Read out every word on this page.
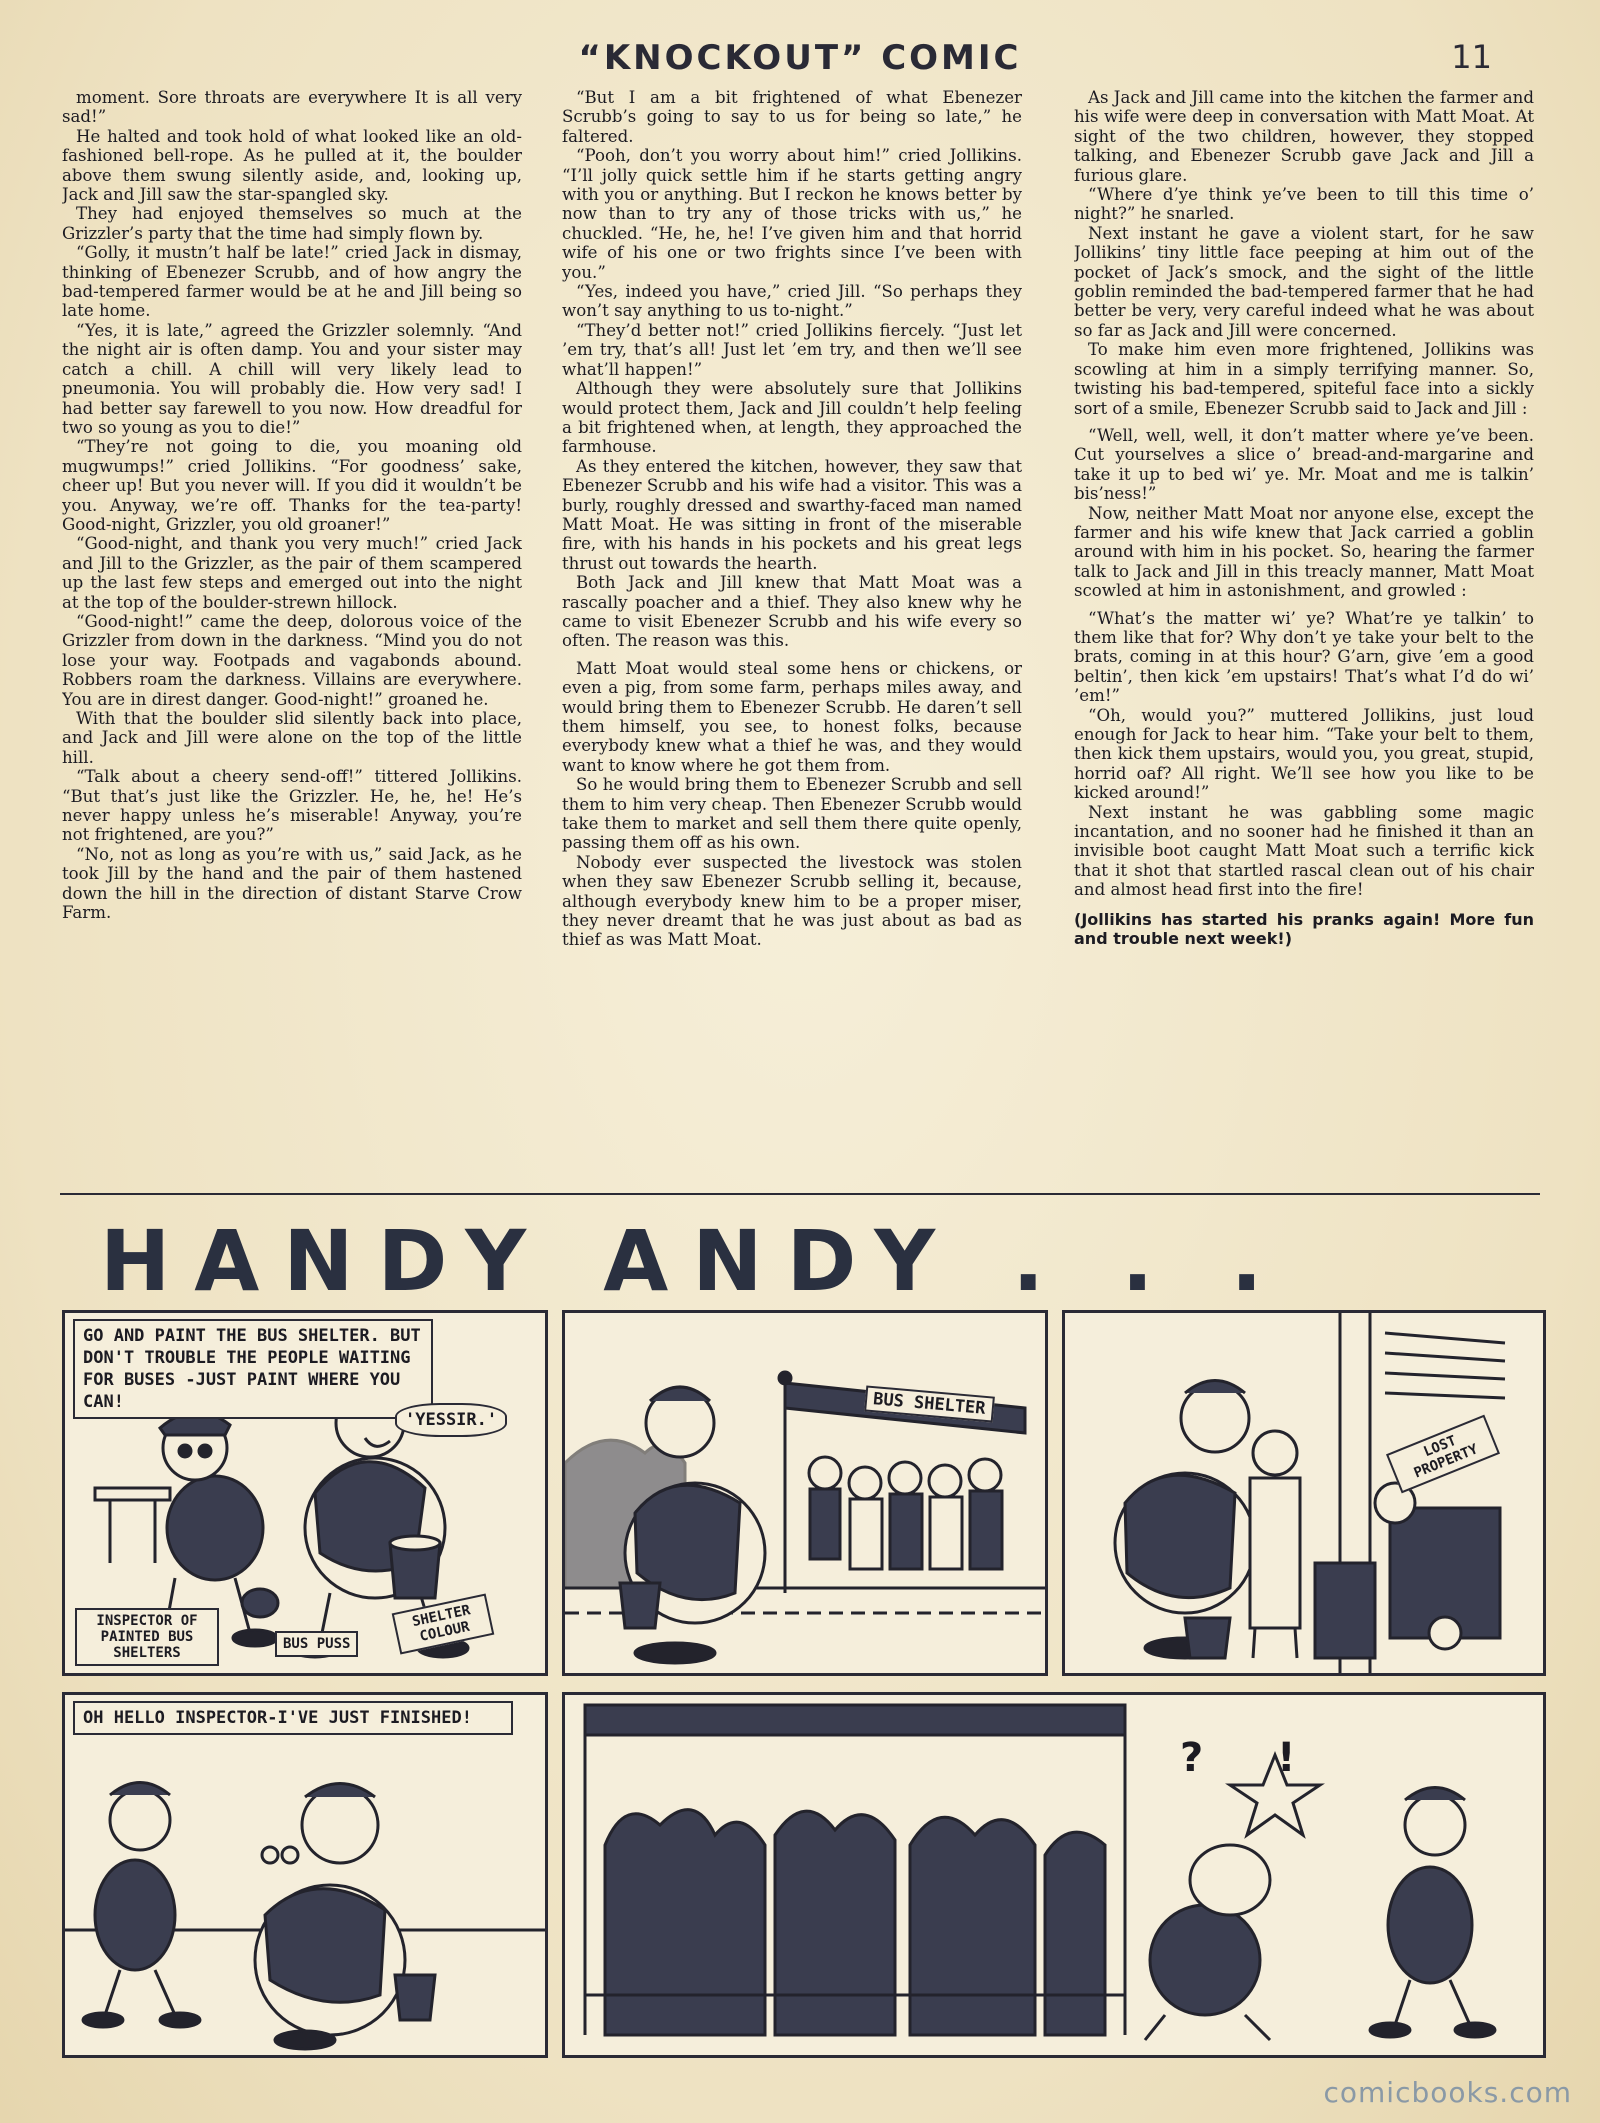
“KNOCKOUT” COMIC	11

moment. Sore throats are everywhere It is all very sad!”

He halted and took hold of what looked like an old-fashioned bell-rope. As he pulled at it, the boulder above them swung silently aside, and, looking up, Jack and Jill saw the star-spangled sky.

They had enjoyed themselves so much at the Grizzler’s party that the time had simply flown by.

“Golly, it mustn’t half be late!” cried Jack in dismay, thinking of Ebenezer Scrubb, and of how angry the bad-tempered farmer would be at he and Jill being so late home.

“Yes, it is late,” agreed the Grizzler solemnly. “And the night air is often damp. You and your sister may catch a chill. A chill will very likely lead to pneumonia. You will probably die. How very sad! I had better say farewell to you now. How dreadful for two so young as you to die!”

“They’re not going to die, you moaning old mugwumps!” cried Jollikins. “For goodness’ sake, cheer up! But you never will. If you did it wouldn’t be you. Anyway, we’re off. Thanks for the tea-party! Good-night, Grizzler, you old groaner!”

“Good-night, and thank you very much!” cried Jack and Jill to the Grizzler, as the pair of them scampered up the last few steps and emerged out into the night at the top of the boulder-strewn hillock.

“Good-night!” came the deep, dolorous voice of the Grizzler from down in the darkness. “Mind you do not lose your way. Footpads and vagabonds abound. Robbers roam the darkness. Villains are everywhere. You are in direst danger. Good-night!” groaned he.

With that the boulder slid silently back into place, and Jack and Jill were alone on the top of the little hill.

“Talk about a cheery send-off!” tittered Jollikins. “But that’s just like the Grizzler. He, he, he! He’s never happy unless he’s miserable! Anyway, you’re not frightened, are you?”

“No, not as long as you’re with us,” said Jack, as he took Jill by the hand and the pair of them hastened down the hill in the direction of distant Starve Crow Farm.

“But I am a bit frightened of what Ebenezer Scrubb’s going to say to us for being so late,” he faltered.

“Pooh, don’t you worry about him!” cried Jollikins. “I’ll jolly quick settle him if he starts getting angry with you or anything. But I reckon he knows better by now than to try any of those tricks with us,” he chuckled. “He, he, he! I’ve given him and that horrid wife of his one or two frights since I’ve been with you.”

“Yes, indeed you have,” cried Jill. “So perhaps they won’t say anything to us to-night.”

“They’d better not!” cried Jollikins fiercely. “Just let ’em try, that’s all! Just let ’em try, and then we’ll see what’ll happen!”

Although they were absolutely sure that Jollikins would protect them, Jack and Jill couldn’t help feeling a bit frightened when, at length, they approached the farmhouse.

As they entered the kitchen, however, they saw that Ebenezer Scrubb and his wife had a visitor. This was a burly, roughly dressed and swarthy-faced man named Matt Moat. He was sitting in front of the miserable fire, with his hands in his pockets and his great legs thrust out towards the hearth.

Both Jack and Jill knew that Matt Moat was a rascally poacher and a thief. They also knew why he came to visit Ebenezer Scrubb and his wife every so often. The reason was this.

Matt Moat would steal some hens or chickens, or even a pig, from some farm, perhaps miles away, and would bring them to Ebenezer Scrubb. He daren’t sell them himself, you see, to honest folks, because everybody knew what a thief he was, and they would want to know where he got them from.

So he would bring them to Ebenezer Scrubb and sell them to him very cheap. Then Ebenezer Scrubb would take them to market and sell them there quite openly, passing them off as his own.

Nobody ever suspected the livestock was stolen when they saw Ebenezer Scrubb selling it, because, although everybody knew him to be a proper miser, they never dreamt that he was just about as bad as thief as was Matt Moat.

As Jack and Jill came into the kitchen the farmer and his wife were deep in conversation with Matt Moat. At sight of the two children, however, they stopped talking, and Ebenezer Scrubb gave Jack and Jill a furious glare.

“Where d’ye think ye’ve been to till this time o’ night?” he snarled.

Next instant he gave a violent start, for he saw Jollikins’ tiny little face peeping at him out of the pocket of Jack’s smock, and the sight of the little goblin reminded the bad-tempered farmer that he had better be very, very careful indeed what he was about so far as Jack and Jill were concerned.

To make him even more frightened, Jollikins was scowling at him in a simply terrifying manner. So, twisting his bad-tempered, spiteful face into a sickly sort of a smile, Ebenezer Scrubb said to Jack and Jill :

“Well, well, well, it don’t matter where ye’ve been. Cut yourselves a slice o’ bread-and-margarine and take it up to bed wi’ ye. Mr. Moat and me is talkin’ bis’ness!”

Now, neither Matt Moat nor anyone else, except the farmer and his wife knew that Jack carried a goblin around with him in his pocket. So, hearing the farmer talk to Jack and Jill in this treacly manner, Matt Moat scowled at him in astonishment, and growled :

“What’s the matter wi’ ye? What’re ye talkin’ to them like that for? Why don’t ye take your belt to the brats, coming in at this hour? G’arn, give ’em a good beltin’, then kick ’em upstairs! That’s what I’d do wi’ ’em!”

“Oh, would you?” muttered Jollikins, just loud enough for Jack to hear him. “Take your belt to them, then kick them upstairs, would you, you great, stupid, horrid oaf? All right. We’ll see how you like to be kicked around!”

Next instant he was gabbling some magic incantation, and no sooner had he finished it than an invisible boot caught Matt Moat such a terrific kick that it shot that startled rascal clean out of his chair and almost head first into the fire!

(Jollikins has started his pranks again! More fun and trouble next week!)

HANDY ANDY . . .
GO AND PAINT THE BUS SHELTER. BUT DON'T TROUBLE THE PEOPLE WAITING FOR BUSES -JUST PAINT WHERE YOU CAN!
'YESSIR.'
INSPECTOR OF PAINTED BUS SHELTERS
BUS PUSS
SHELTER COLOUR
BUS SHELTER
LOST PROPERTY
OH HELLO INSPECTOR-I'VE JUST FINISHED!
? !
comicbooks.com
